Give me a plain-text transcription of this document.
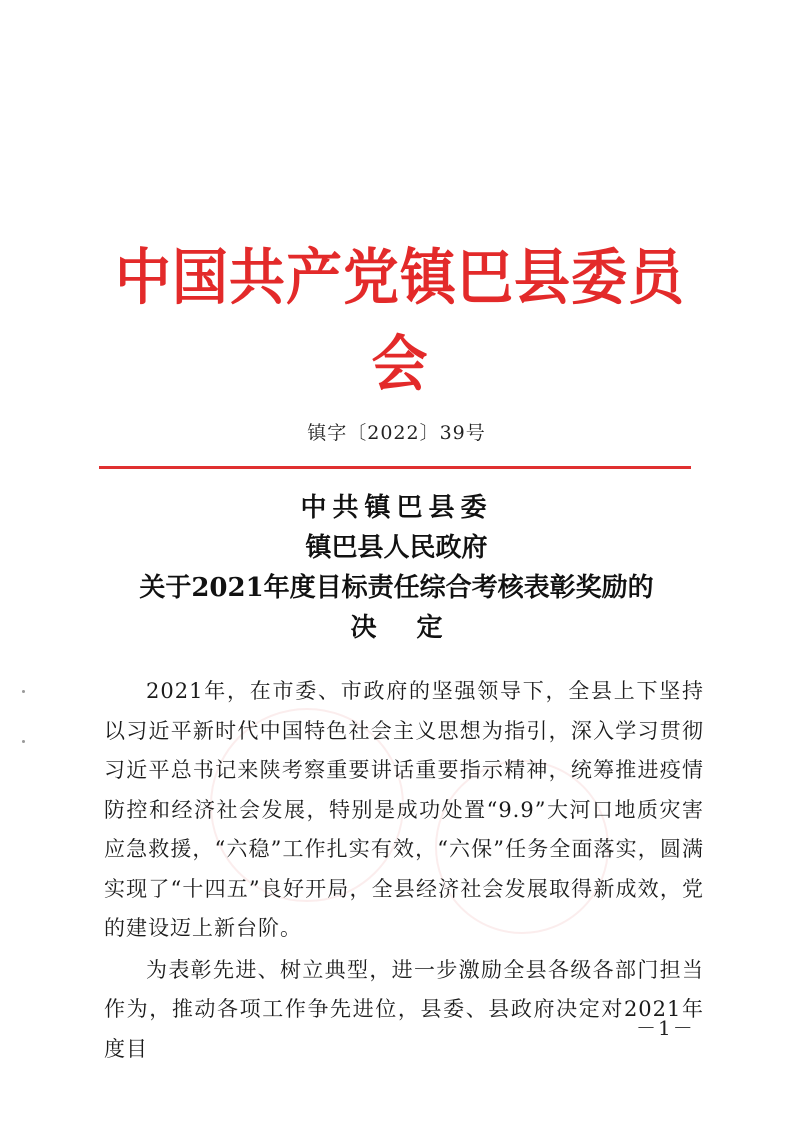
中国共产党镇巴县委员会
镇字〔2022〕39号
中共镇巴县委
镇巴县人民政府
关于2021年度目标责任综合考核表彰奖励的
决定

2021年，在市委、市政府的坚强领导下，全县上下坚持以习近平新时代中国特色社会主义思想为指引，深入学习贯彻习近平总书记来陕考察重要讲话重要指示精神，统筹推进疫情防控和经济社会发展，特别是成功处置“9.9”大河口地质灾害应急救援，“六稳”工作扎实有效，“六保”任务全面落实，圆满实现了“十四五”良好开局，全县经济社会发展取得新成效，党的建设迈上新台阶。

为表彰先进、树立典型，进一步激励全县各级各部门担当作为，推动各项工作争先进位，县委、县政府决定对2021年度目

－1－
